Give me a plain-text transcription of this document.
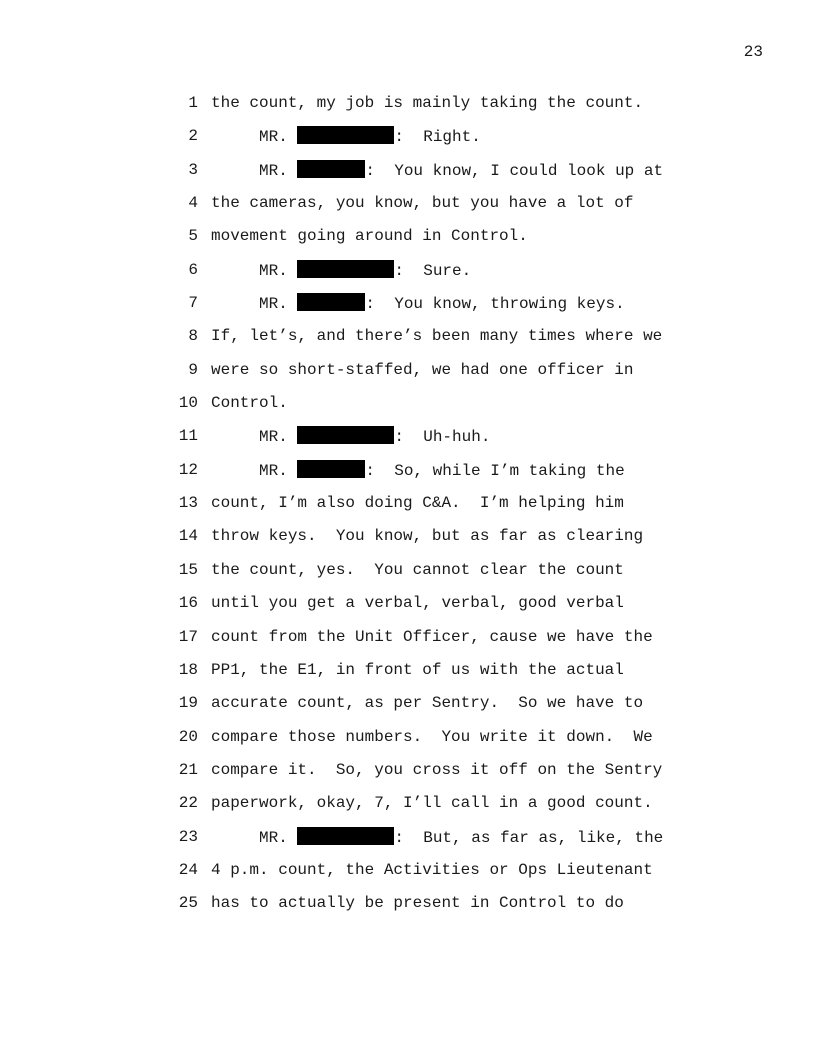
23

1

the count, my job is mainly taking the count.

2

	MR.	:  Right.

3

	MR.	:  You know, I could look up at

4

the cameras, you know, but you have a lot of

5

movement going around in Control.

6

	MR.	:  Sure.

7

	MR.	:  You know, throwing keys.

8

If, let’s, and there’s been many times where we

9

were so short-staffed, we had one officer in

10

Control.

11

	MR.	:  Uh-huh.

12

	MR.	:  So, while I’m taking the

13

count, I’m also doing C&A.  I’m helping him

14

throw keys.  You know, but as far as clearing

15

the count, yes.  You cannot clear the count

16

until you get a verbal, verbal, good verbal

17

count from the Unit Officer, cause we have the

18

PP1, the E1, in front of us with the actual

19

accurate count, as per Sentry.  So we have to

20

compare those numbers.  You write it down.  We

21

compare it.  So, you cross it off on the Sentry

22

paperwork, okay, 7, I’ll call in a good count.

23

	MR.	:  But, as far as, like, the

24

4 p.m. count, the Activities or Ops Lieutenant

25

has to actually be present in Control to do
